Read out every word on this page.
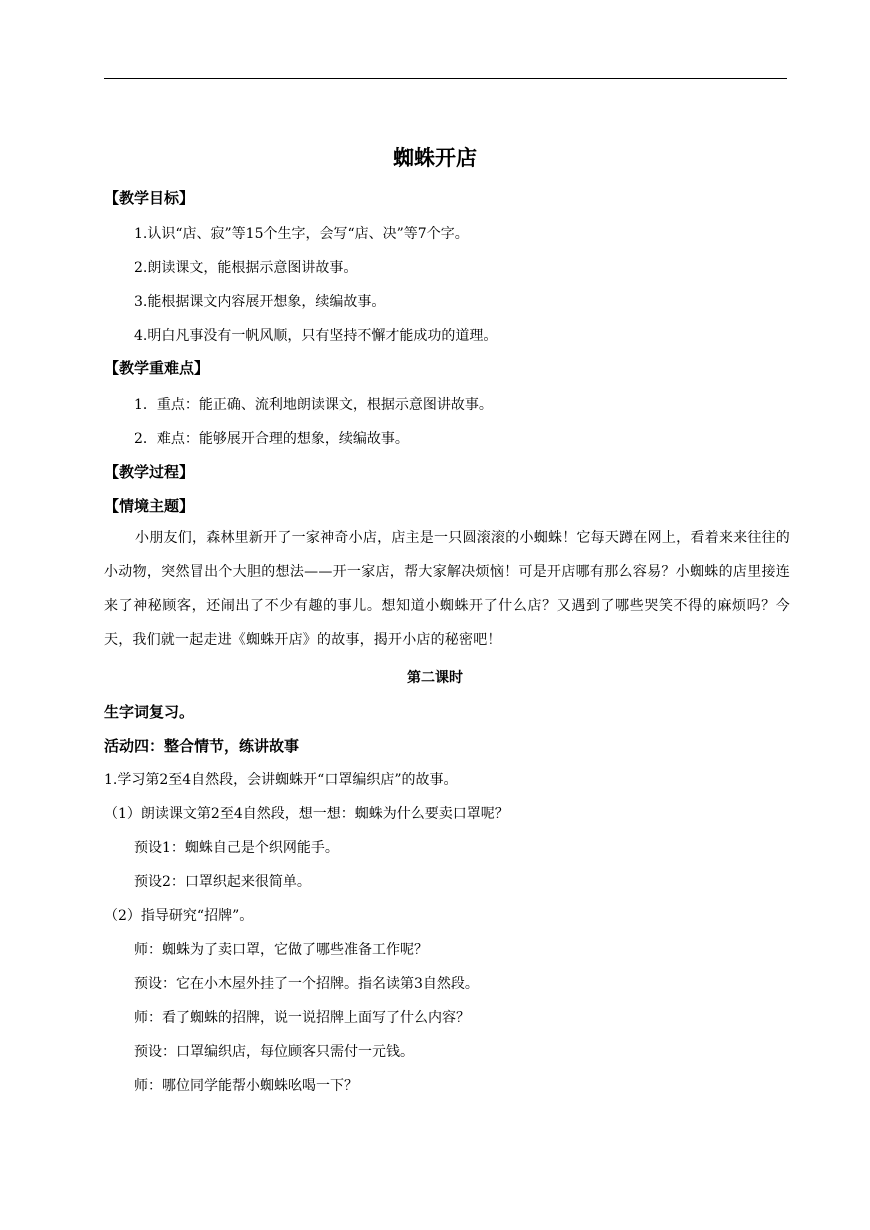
蜘蛛开店
【教学目标】
1.认识“店、寂”等15个生字，会写“店、决”等7个字。
2.朗读课文，能根据示意图讲故事。
3.能根据课文内容展开想象，续编故事。
4.明白凡事没有一帆风顺，只有坚持不懈才能成功的道理。
【教学重难点】
1．重点：能正确、流利地朗读课文，根据示意图讲故事。
2．难点：能够展开合理的想象，续编故事。
【教学过程】
【情境主题】
小朋友们，森林里新开了一家神奇小店，店主是一只圆滚滚的小蜘蛛！它每天蹲在网上，看着来来往往的小动物，突然冒出个大胆的想法——开一家店，帮大家解决烦恼！可是开店哪有那么容易？小蜘蛛的店里接连来了神秘顾客，还闹出了不少有趣的事儿。想知道小蜘蛛开了什么店？又遇到了哪些哭笑不得的麻烦吗？今天，我们就一起走进《蜘蛛开店》的故事，揭开小店的秘密吧！
第二课时
生字词复习。
活动四：整合情节，练讲故事
1.学习第2至4自然段，会讲蜘蛛开“口罩编织店”的故事。
（1）朗读课文第2至4自然段，想一想：蜘蛛为什么要卖口罩呢？
预设1：蜘蛛自己是个织网能手。
预设2：口罩织起来很简单。
（2）指导研究“招牌”。
师：蜘蛛为了卖口罩，它做了哪些准备工作呢？
预设：它在小木屋外挂了一个招牌。指名读第3自然段。
师：看了蜘蛛的招牌，说一说招牌上面写了什么内容？
预设：口罩编织店，每位顾客只需付一元钱。
师：哪位同学能帮小蜘蛛吆喝一下？
